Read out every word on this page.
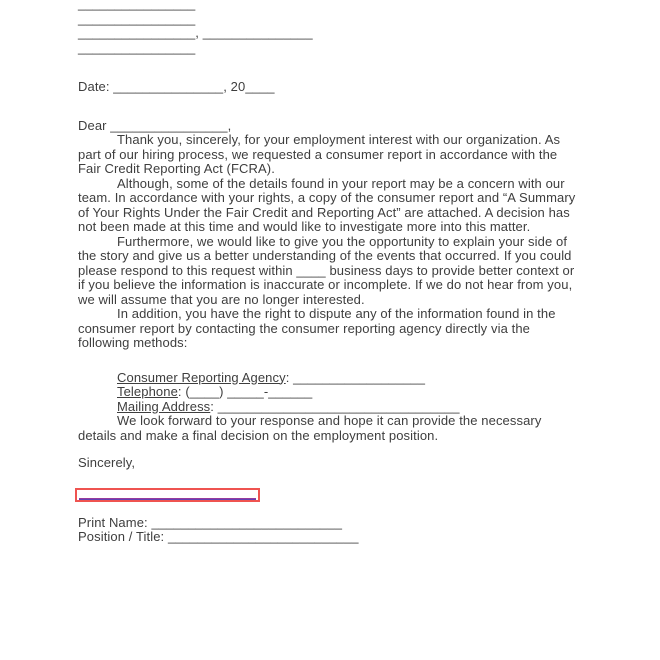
________________
________________
________________, _______________
________________
Date: _______________, 20____
Dear ________________,

Thank you, sincerely, for your employment interest with our organization. As part of our hiring process, we requested a consumer report in accordance with the Fair Credit Reporting Act (FCRA).

Although, some of the details found in your report may be a concern with our team. In accordance with your rights, a copy of the consumer report and “A Summary of Your Rights Under the Fair Credit and Reporting Act” are attached. A decision has not been made at this time and would like to investigate more into this matter.

Furthermore, we would like to give you the opportunity to explain your side of the story and give us a better understanding of the events that occurred. If you could please respond to this request within ____ business days to provide better context or if you believe the information is inaccurate or incomplete. If we do not hear from you, we will assume that you are no longer interested.

In addition, you have the right to dispute any of the information found in the consumer report by contacting the consumer reporting agency directly via the following methods:

Consumer Reporting Agency: __________________
Telephone: (____) _____-______
Mailing Address: _________________________________

We look forward to your response and hope it can provide the necessary details and make a final decision on the employment position.

Sincerely,
Print Name: __________________________
Position / Title: __________________________
